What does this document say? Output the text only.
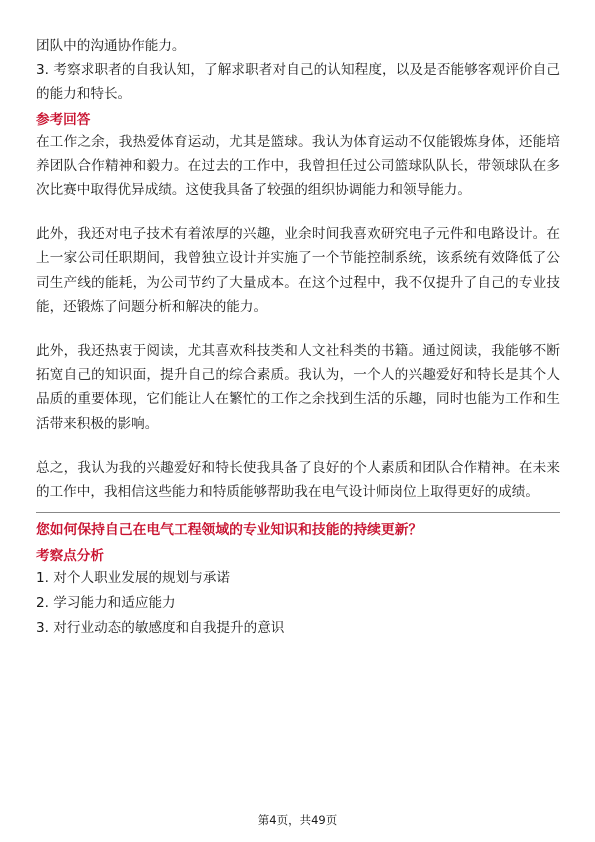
团队中的沟通协作能力。

3. 考察求职者的自我认知，了解求职者对自己的认知程度，以及是否能够客观评价自己的能力和特长。

参考回答

在工作之余，我热爱体育运动，尤其是篮球。我认为体育运动不仅能锻炼身体，还能培养团队合作精神和毅力。在过去的工作中，我曾担任过公司篮球队队长，带领球队在多次比赛中取得优异成绩。这使我具备了较强的组织协调能力和领导能力。

此外，我还对电子技术有着浓厚的兴趣，业余时间我喜欢研究电子元件和电路设计。在上一家公司任职期间，我曾独立设计并实施了一个节能控制系统，该系统有效降低了公司生产线的能耗，为公司节约了大量成本。在这个过程中，我不仅提升了自己的专业技能，还锻炼了问题分析和解决的能力。

此外，我还热衷于阅读，尤其喜欢科技类和人文社科类的书籍。通过阅读，我能够不断拓宽自己的知识面，提升自己的综合素质。我认为，一个人的兴趣爱好和特长是其个人品质的重要体现，它们能让人在繁忙的工作之余找到生活的乐趣，同时也能为工作和生活带来积极的影响。

总之，我认为我的兴趣爱好和特长使我具备了良好的个人素质和团队合作精神。在未来的工作中，我相信这些能力和特质能够帮助我在电气设计师岗位上取得更好的成绩。

您如何保持自己在电气工程领域的专业知识和技能的持续更新？

考察点分析

1. 对个人职业发展的规划与承诺

2. 学习能力和适应能力

3. 对行业动态的敏感度和自我提升的意识

第4页，共49页
